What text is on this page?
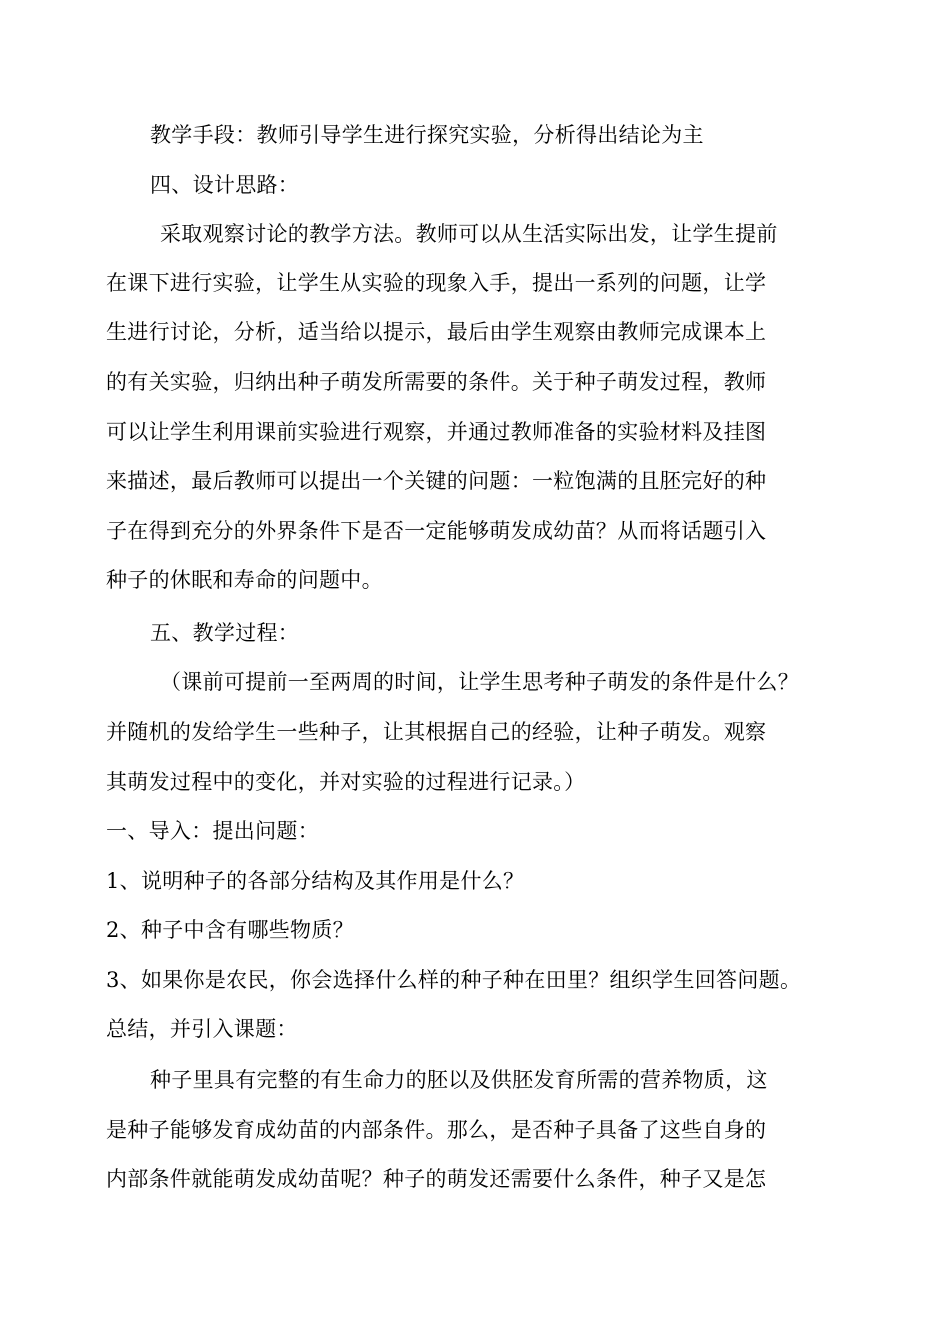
教学手段：教师引导学生进行探究实验，分析得出结论为主
四、设计思路：
采取观察讨论的教学方法。教师可以从生活实际出发，让学生提前
在课下进行实验，让学生从实验的现象入手，提出一系列的问题，让学
生进行讨论，分析，适当给以提示，最后由学生观察由教师完成课本上
的有关实验，归纳出种子萌发所需要的条件。关于种子萌发过程，教师
可以让学生利用课前实验进行观察，并通过教师准备的实验材料及挂图
来描述，最后教师可以提出一个关键的问题：一粒饱满的且胚完好的种
子在得到充分的外界条件下是否一定能够萌发成幼苗？从而将话题引入
种子的休眠和寿命的问题中。
五、教学过程：
（课前可提前一至两周的时间，让学生思考种子萌发的条件是什么？
并随机的发给学生一些种子，让其根据自己的经验，让种子萌发。观察
其萌发过程中的变化，并对实验的过程进行记录。）
一、导入：提出问题：
1、说明种子的各部分结构及其作用是什么？
2、种子中含有哪些物质？
3、如果你是农民，你会选择什么样的种子种在田里？组织学生回答问题。
总结，并引入课题：
种子里具有完整的有生命力的胚以及供胚发育所需的营养物质，这
是种子能够发育成幼苗的内部条件。那么，是否种子具备了这些自身的
内部条件就能萌发成幼苗呢？种子的萌发还需要什么条件，种子又是怎
